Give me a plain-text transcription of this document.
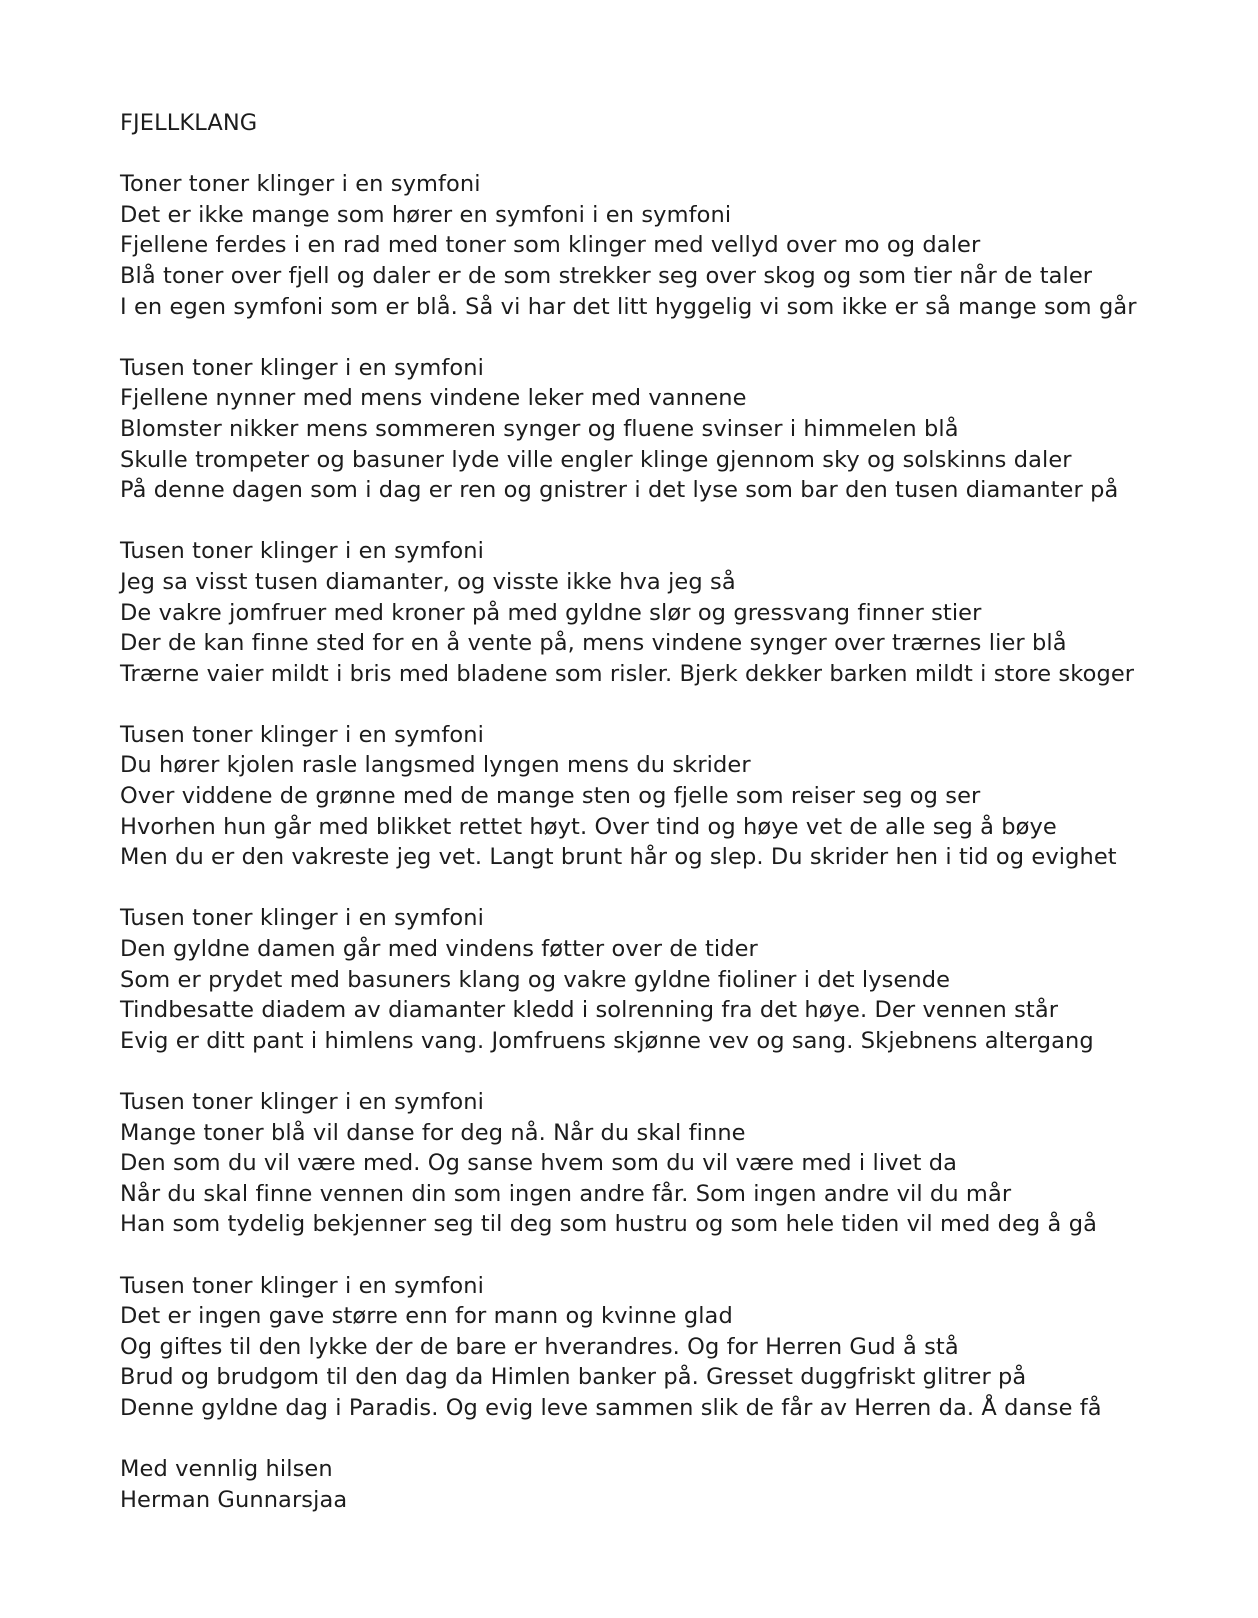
FJELLKLANG
Toner toner klinger i en symfoni
Det er ikke mange som hører en symfoni i en symfoni
Fjellene ferdes i en rad med toner som klinger med vellyd over mo og daler
Blå toner over fjell og daler er de som strekker seg over skog og som tier når de taler
I en egen symfoni som er blå. Så vi har det litt hyggelig vi som ikke er så mange som går
Tusen toner klinger i en symfoni
Fjellene nynner med mens vindene leker med vannene
Blomster nikker mens sommeren synger og fluene svinser i himmelen blå
Skulle trompeter og basuner lyde ville engler klinge gjennom sky og solskinns daler
På denne dagen som i dag er ren og gnistrer i det lyse som bar den tusen diamanter på
Tusen toner klinger i en symfoni
Jeg sa visst tusen diamanter, og visste ikke hva jeg så
De vakre jomfruer med kroner på med gyldne slør og gressvang finner stier
Der de kan finne sted for en å vente på, mens vindene synger over trærnes lier blå
Trærne vaier mildt i bris med bladene som risler. Bjerk dekker barken mildt i store skoger
Tusen toner klinger i en symfoni
Du hører kjolen rasle langsmed lyngen mens du skrider
Over viddene de grønne med de mange sten og fjelle som reiser seg og ser
Hvorhen hun går med blikket rettet høyt. Over tind og høye vet de alle seg å bøye
Men du er den vakreste jeg vet. Langt brunt hår og slep. Du skrider hen i tid og evighet
Tusen toner klinger i en symfoni
Den gyldne damen går med vindens føtter over de tider
Som er prydet med basuners klang og vakre gyldne fioliner i det lysende
Tindbesatte diadem av diamanter kledd i solrenning fra det høye. Der vennen står
Evig er ditt pant i himlens vang. Jomfruens skjønne vev og sang. Skjebnens altergang
Tusen toner klinger i en symfoni
Mange toner blå vil danse for deg nå. Når du skal finne
Den som du vil være med. Og sanse hvem som du vil være med i livet da
Når du skal finne vennen din som ingen andre får. Som ingen andre vil du mår
Han som tydelig bekjenner seg til deg som hustru og som hele tiden vil med deg å gå
Tusen toner klinger i en symfoni
Det er ingen gave større enn for mann og kvinne glad
Og giftes til den lykke der de bare er hverandres. Og for Herren Gud å stå
Brud og brudgom til den dag da Himlen banker på. Gresset duggfriskt glitrer på
Denne gyldne dag i Paradis. Og evig leve sammen slik de får av Herren da. Å danse få
Med vennlig hilsen
Herman Gunnarsjaa
